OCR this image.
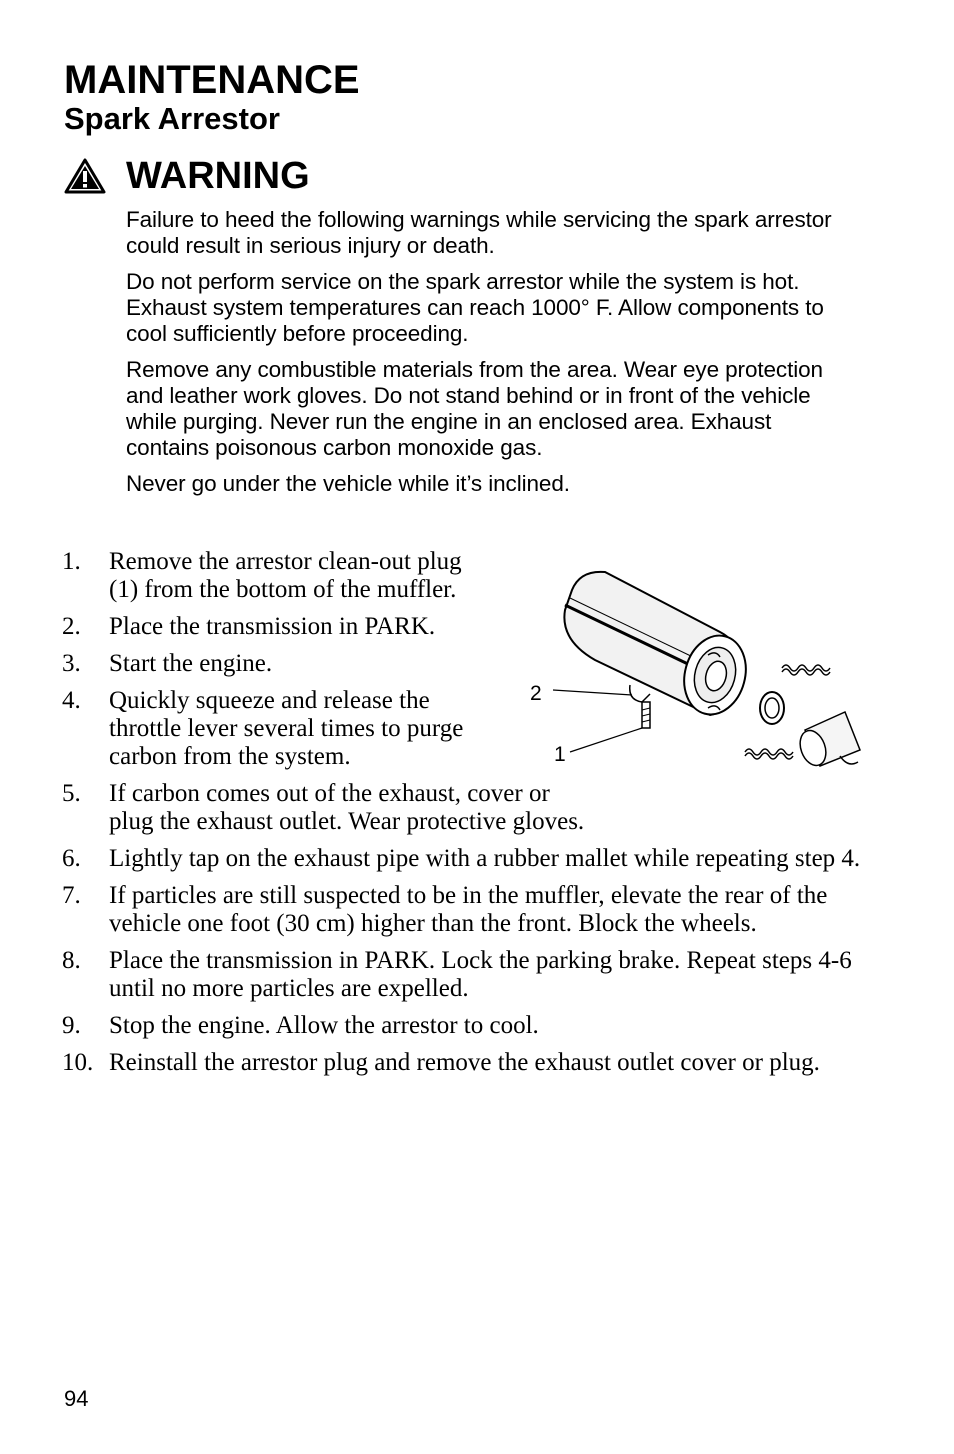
MAINTENANCE
Spark Arrestor
WARNING

Failure to heed the following warnings while servicing the spark arrestor could result in serious injury or death.

Do not perform service on the spark arrestor while the system is hot. Exhaust system temperatures can reach 1000° F. Allow components to cool sufficiently before proceeding.

Remove any combustible materials from the area. Wear eye protection and leather work gloves. Do not stand behind or in front of the vehicle while purging. Never run the engine in an enclosed area. Exhaust contains poisonous carbon monoxide gas.

Never go under the vehicle while it’s inclined.

1. Remove the arrestor clean-out plug (1) from the bottom of the muffler.
2. Place the transmission in PARK.
3. Start the engine.
4. Quickly squeeze and release the throttle lever several times to purge carbon from the system.
5. If carbon comes out of the exhaust, cover or plug the exhaust outlet. Wear protective gloves.
6. Lightly tap on the exhaust pipe with a rubber mallet while repeating step 4.
7. If particles are still suspected to be in the muffler, elevate the rear of the vehicle one foot (30 cm) higher than the front. Block the wheels.
8. Place the transmission in PARK. Lock the parking brake. Repeat steps 4-6 until no more particles are expelled.
9. Stop the engine. Allow the arrestor to cool.
10. Reinstall the arrestor plug and remove the exhaust outlet cover or plug.
2
1
94
